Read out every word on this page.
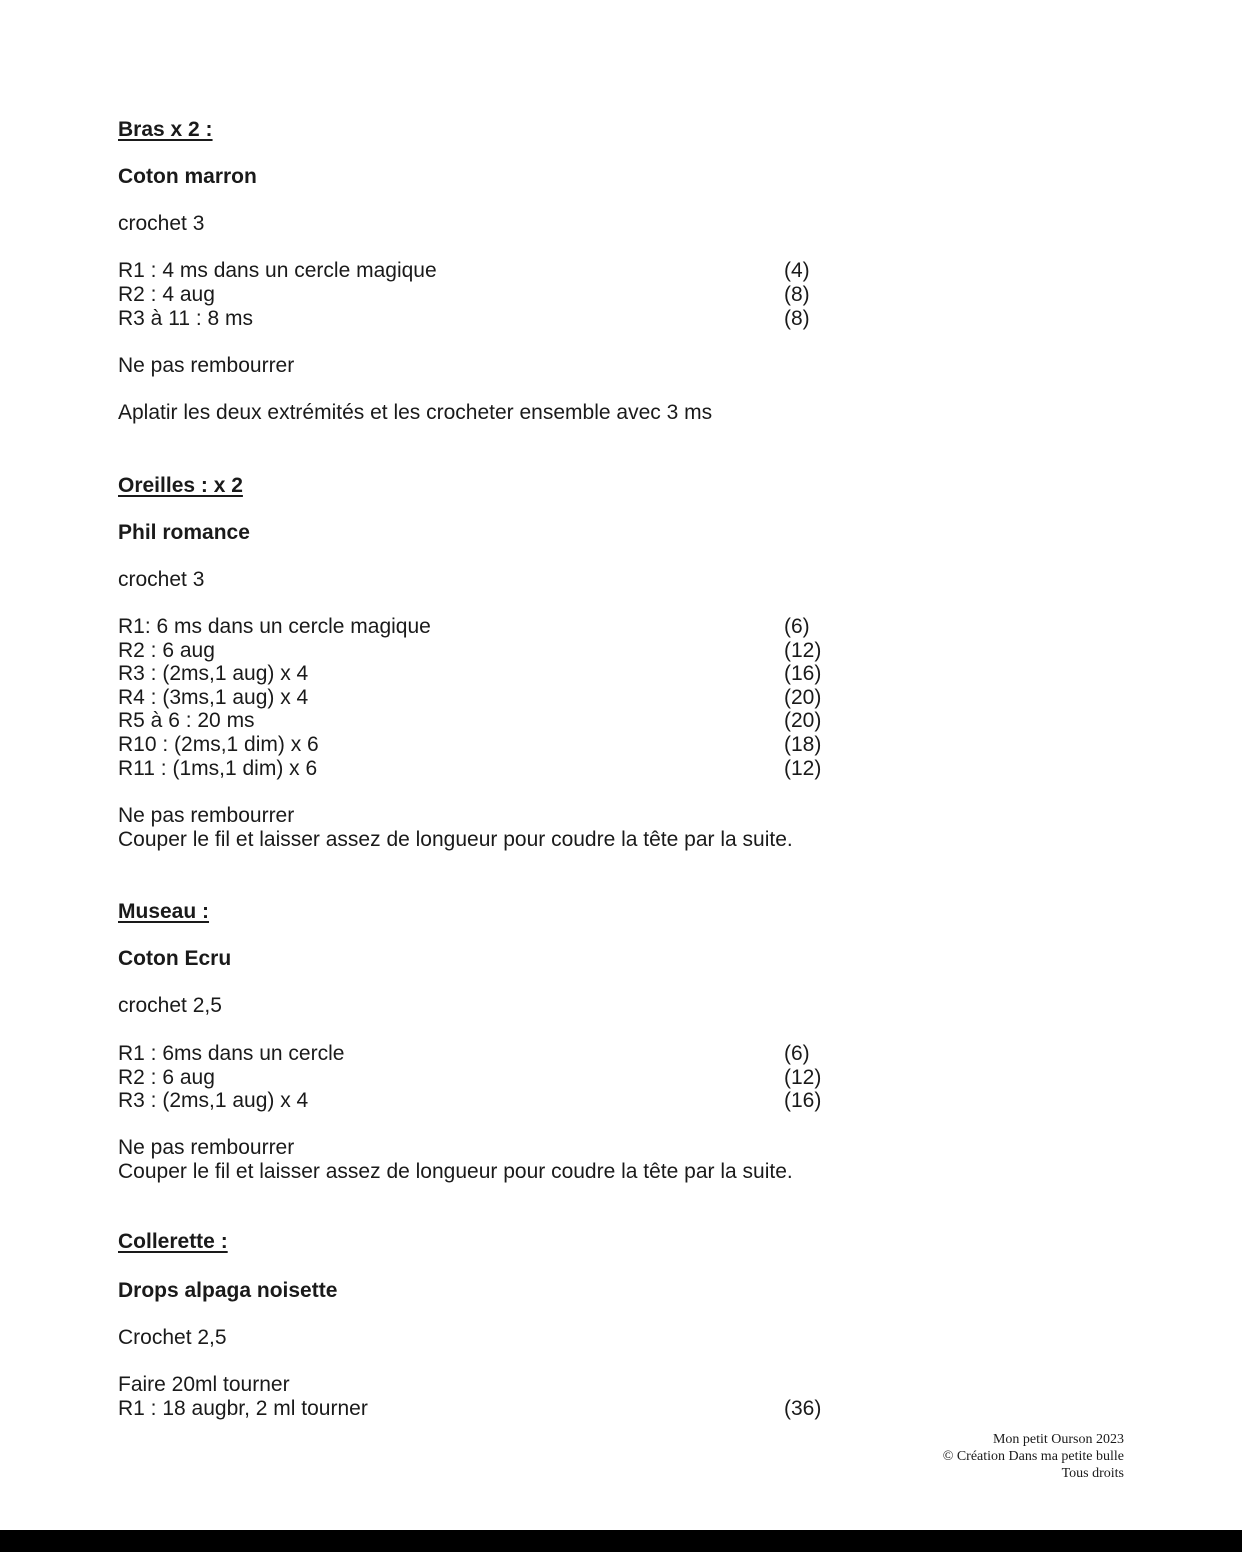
Bras x 2 :
Coton marron
crochet 3
R1 : 4 ms dans un cercle magique	(4)
R2 : 4 aug	(8)
R3 à 11 : 8 ms	(8)
Ne pas rembourrer
Aplatir les deux extrémités et les crocheter ensemble avec 3 ms
Oreilles : x 2
Phil romance
crochet 3
R1: 6 ms dans un cercle magique	(6)
R2 : 6 aug	(12)
R3 : (2ms,1 aug) x 4	(16)
R4 : (3ms,1 aug) x 4	(20)
R5 à 6 : 20 ms	(20)
R10 : (2ms,1 dim) x 6	(18)
R11 : (1ms,1 dim) x 6	(12)
Ne pas rembourrer
Couper le fil et laisser assez de longueur pour coudre la tête par la suite.
Museau :
Coton Ecru
crochet 2,5
R1 : 6ms dans un cercle	(6)
R2 : 6 aug	(12)
R3 : (2ms,1 aug) x 4	(16)
Ne pas rembourrer
Couper le fil et laisser assez de longueur pour coudre la tête par la suite.
Collerette :
Drops alpaga noisette
Crochet 2,5
Faire 20ml tourner
R1 : 18 augbr, 2 ml tourner	(36)
Mon petit Ourson 2023
© Création Dans ma petite bulle
Tous droits
